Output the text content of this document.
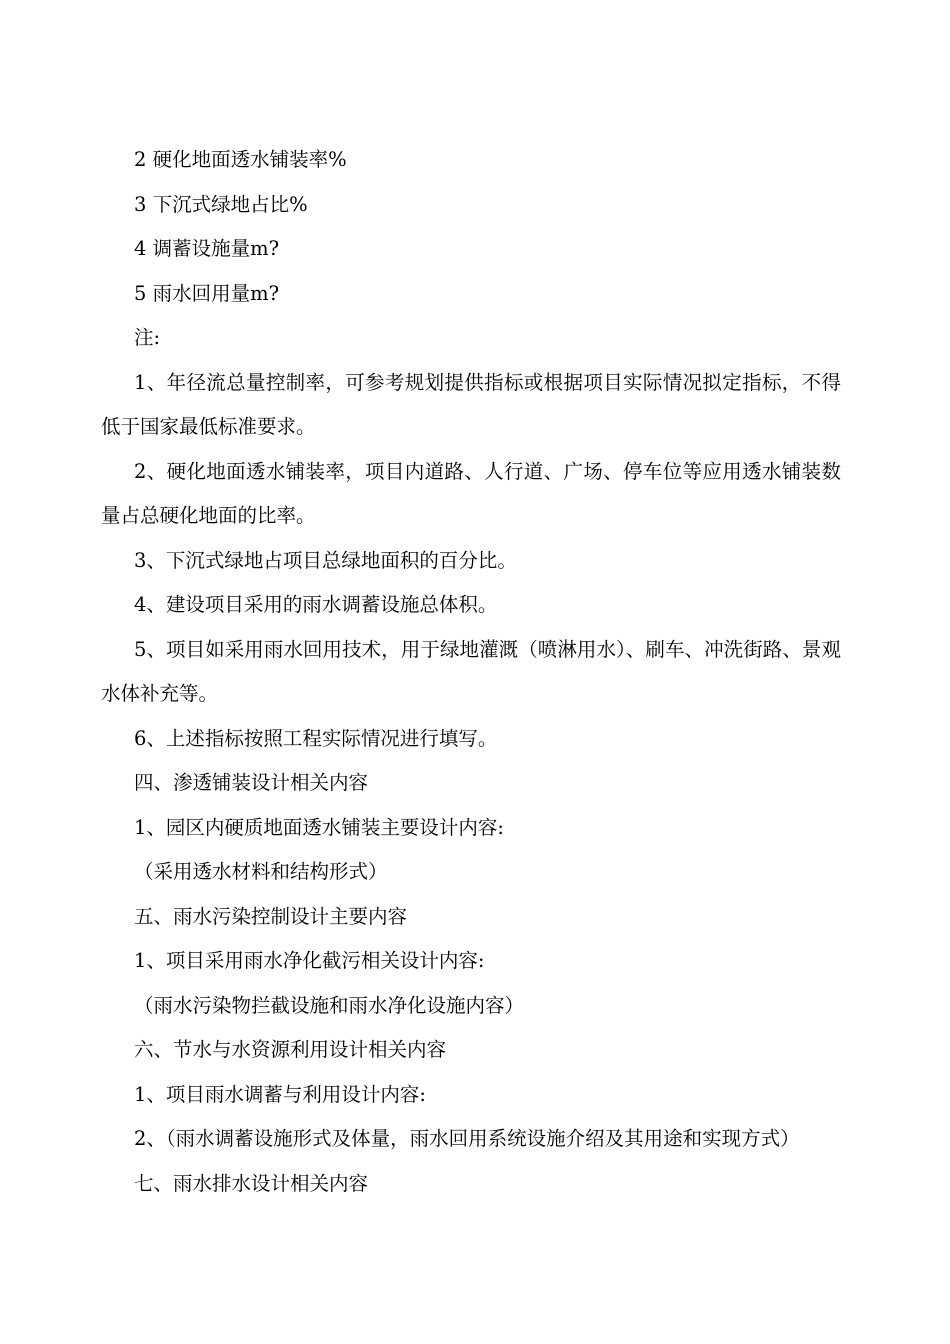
2 硬化地面透水铺装率%

3 下沉式绿地占比%

4 调蓄设施量m?

5 雨水回用量m?

注:

1、年径流总量控制率，可参考规划提供指标或根据项目实际情况拟定指标，不得低于国家最低标准要求。

2、硬化地面透水铺装率，项目内道路、人行道、广场、停车位等应用透水铺装数量占总硬化地面的比率。

3、下沉式绿地占项目总绿地面积的百分比。

4、建设项目采用的雨水调蓄设施总体积。

5、项目如采用雨水回用技术，用于绿地灌溉（喷淋用水）、刷车、冲洗街路、景观水体补充等。

6、上述指标按照工程实际情况进行填写。

四、渗透铺装设计相关内容

1、园区内硬质地面透水铺装主要设计内容:

（采用透水材料和结构形式）

五、雨水污染控制设计主要内容

1、项目采用雨水净化截污相关设计内容:

（雨水污染物拦截设施和雨水净化设施内容）

六、节水与水资源利用设计相关内容

1、项目雨水调蓄与利用设计内容:

2、（雨水调蓄设施形式及体量，雨水回用系统设施介绍及其用途和实现方式）

七、雨水排水设计相关内容
